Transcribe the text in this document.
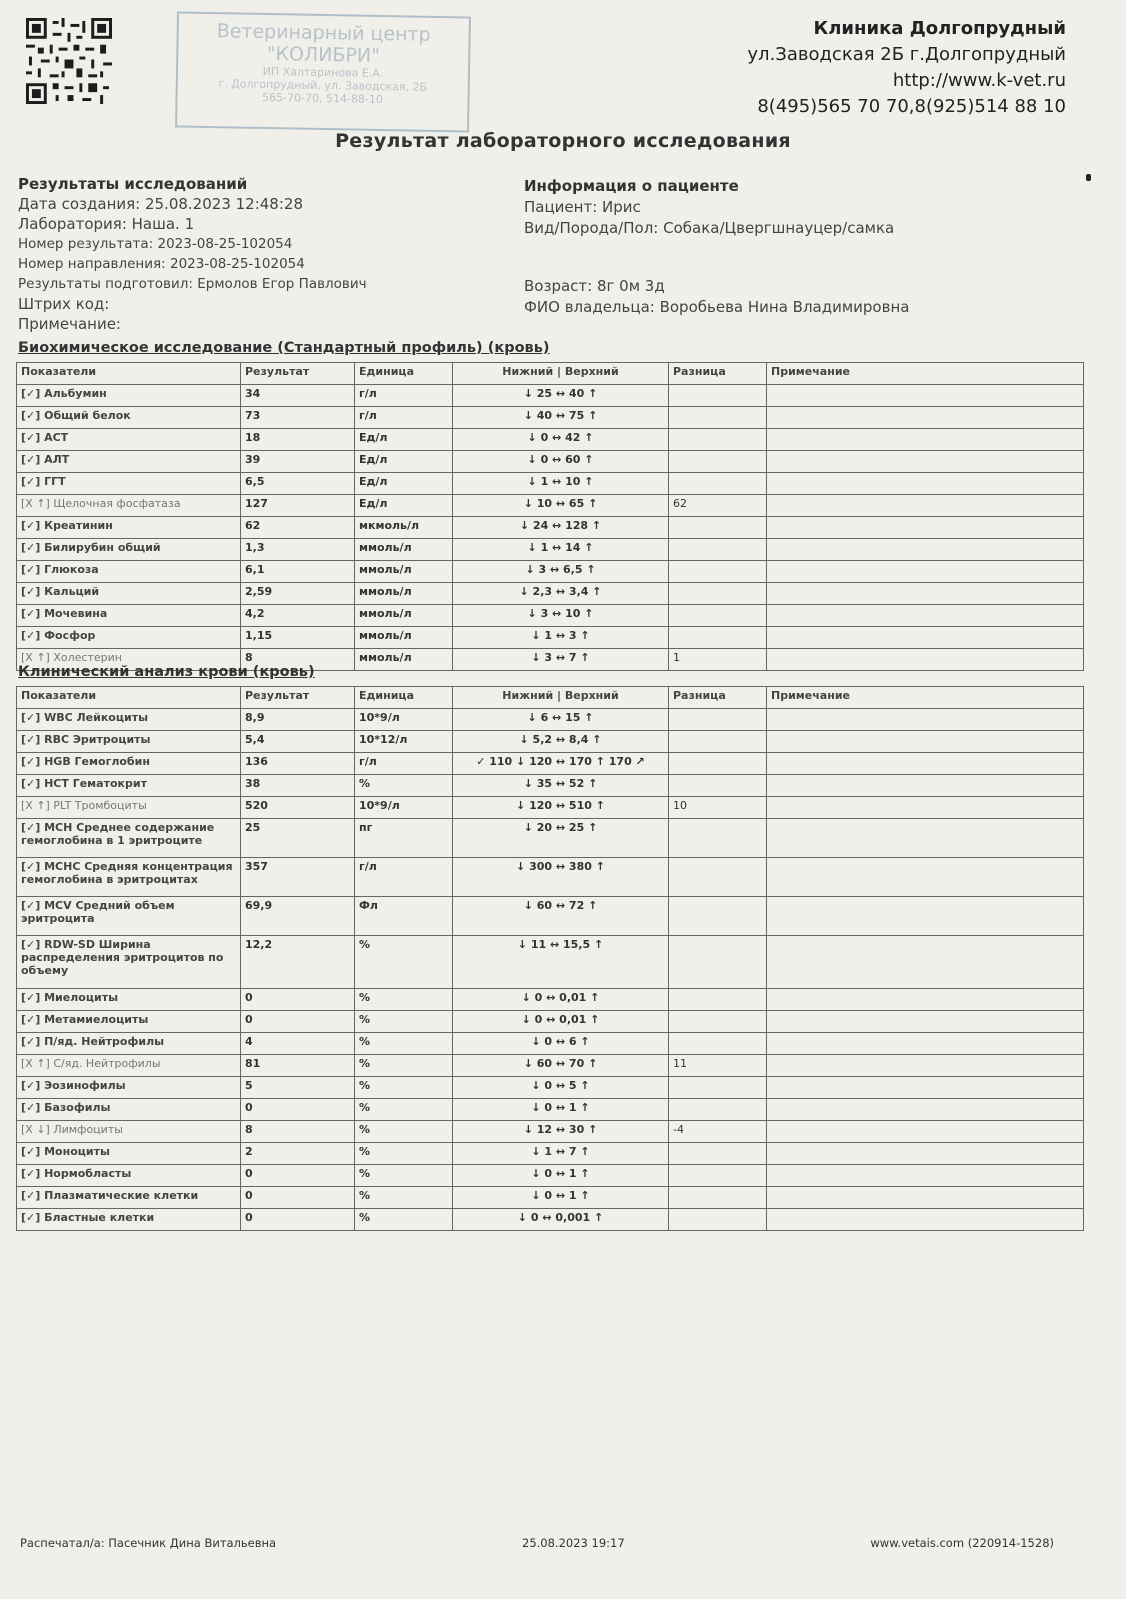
Ветеринарный центр
"КОЛИБРИ"
ИП Халтаринова Е.А.
г. Долгопрудный, ул. Заводская, 2Б
565-70-70, 514-88-10
Клиника Долгопрудный
ул.Заводская 2Б г.Долгопрудный
http://www.k-vet.ru
8(495)565 70 70,8(925)514 88 10
Результат лабораторного исследования
Результаты исследований
Дата создания: 25.08.2023 12:48:28
Лаборатория: Наша. 1
Номер результата: 2023-08-25-102054
Номер направления: 2023-08-25-102054
Результаты подготовил: Ермолов Егор Павлович
Штрих код:
Примечание:
Информация о пациенте
Пациент: Ирис
Вид/Порода/Пол: Собака/Цвергшнауцер/самка
Возраст: 8г 0м 3д
ФИО владельца: Воробьева Нина Владимировна
Биохимическое исследование (Стандартный профиль) (кровь)
Показатели	Результат	Единица	Нижний | Верхний	Разница	Примечание
[✓] Альбумин	34	г/л	↓ 25 ↔ 40 ↑		
[✓] Общий белок	73	г/л	↓ 40 ↔ 75 ↑		
[✓] АСТ	18	Ед/л	↓ 0 ↔ 42 ↑		
[✓] АЛТ	39	Ед/л	↓ 0 ↔ 60 ↑		
[✓] ГГТ	6,5	Ед/л	↓ 1 ↔ 10 ↑		
[X ↑] Щелочная фосфатаза	127	Ед/л	↓ 10 ↔ 65 ↑	62	
[✓] Креатинин	62	мкмоль/л	↓ 24 ↔ 128 ↑		
[✓] Билирубин общий	1,3	ммоль/л	↓ 1 ↔ 14 ↑		
[✓] Глюкоза	6,1	ммоль/л	↓ 3 ↔ 6,5 ↑		
[✓] Кальций	2,59	ммоль/л	↓ 2,3 ↔ 3,4 ↑		
[✓] Мочевина	4,2	ммоль/л	↓ 3 ↔ 10 ↑		
[✓] Фосфор	1,15	ммоль/л	↓ 1 ↔ 3 ↑		
[X ↑] Холестерин	8	ммоль/л	↓ 3 ↔ 7 ↑	1	
Клинический анализ крови (кровь)
Показатели	Результат	Единица	Нижний | Верхний	Разница	Примечание
[✓] WBC Лейкоциты	8,9	10*9/л	↓ 6 ↔ 15 ↑		
[✓] RBC Эритроциты	5,4	10*12/л	↓ 5,2 ↔ 8,4 ↑		
[✓] HGB Гемоглобин	136	г/л	✓ 110 ↓ 120 ↔ 170 ↑ 170 ↗		
[✓] HCT Гематокрит	38	%	↓ 35 ↔ 52 ↑		
[X ↑] PLT Тромбоциты	520	10*9/л	↓ 120 ↔ 510 ↑	10	
[✓] MCH Среднее содержание гемоглобина в 1 эритроците	25	пг	↓ 20 ↔ 25 ↑		
[✓] MCHC Средняя концентрация гемоглобина в эритроцитах	357	г/л	↓ 300 ↔ 380 ↑		
[✓] MCV Средний объем эритроцита	69,9	Фл	↓ 60 ↔ 72 ↑		
[✓] RDW-SD Ширина распределения эритроцитов по объему	12,2	%	↓ 11 ↔ 15,5 ↑		
[✓] Миелоциты	0	%	↓ 0 ↔ 0,01 ↑		
[✓] Метамиелоциты	0	%	↓ 0 ↔ 0,01 ↑		
[✓] П/яд. Нейтрофилы	4	%	↓ 0 ↔ 6 ↑		
[X ↑] С/яд. Нейтрофилы	81	%	↓ 60 ↔ 70 ↑	11	
[✓] Эозинофилы	5	%	↓ 0 ↔ 5 ↑		
[✓] Базофилы	0	%	↓ 0 ↔ 1 ↑		
[X ↓] Лимфоциты	8	%	↓ 12 ↔ 30 ↑	-4	
[✓] Моноциты	2	%	↓ 1 ↔ 7 ↑		
[✓] Нормобласты	0	%	↓ 0 ↔ 1 ↑		
[✓] Плазматические клетки	0	%	↓ 0 ↔ 1 ↑		
[✓] Бластные клетки	0	%	↓ 0 ↔ 0,001 ↑		
Распечатал/а: Пасечник Дина Витальевна	25.08.2023 19:17	www.vetais.com (220914-1528)
